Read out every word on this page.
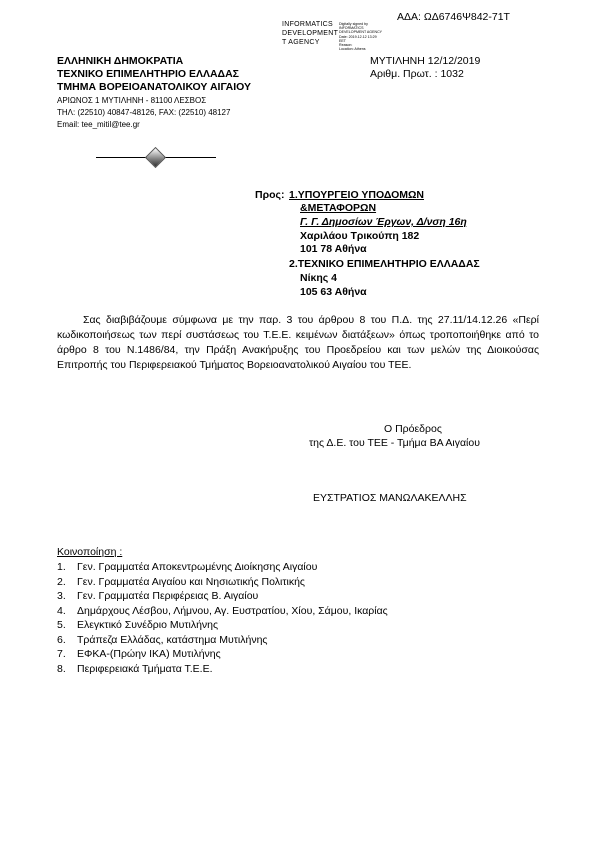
ΑΔΑ: ΩΔ6746Ψ842-71Τ
INFORMATICS
DEVELOPMENT
T AGENCY
Digitally signed by
INFORMATICS
DEVELOPMENT AGENCY
Date: 2019.12.12 13:29
EET
Reason:
Location: Athens
ΕΛΛΗΝΙΚΗ ΔΗΜΟΚΡΑΤΙΑ
ΤΕΧΝΙΚΟ ΕΠΙΜΕΛΗΤΗΡΙΟ ΕΛΛΑΔΑΣ
ΤΜΗΜΑ ΒΟΡΕΙΟΑΝΑΤΟΛΙΚΟΥ ΑΙΓΑΙΟΥ
ΑΡΙΩΝΟΣ 1 ΜΥΤΙΛΗΝΗ - 81100 ΛΕΣΒΟΣ
ΤΗΛ: (22510) 40847-48126, FAX: (22510) 48127
Email: tee_mitil@tee.gr
ΜΥΤΙΛΗΝΗ 12/12/2019
Αριθμ. Πρωτ. : 1032
Προς: 1.ΥΠΟΥΡΓΕΙΟ ΥΠΟΔΟΜΩΝ
&ΜΕΤΑΦΟΡΩΝ
Γ. Γ. Δημοσίων Έργων, Δ/νση 16η
Χαριλάου Τρικούπη 182
101 78 Αθήνα
2.ΤΕΧΝΙΚΟ ΕΠΙΜΕΛΗΤΗΡΙΟ ΕΛΛΑΔΑΣ
Νίκης 4
105 63 Αθήνα
Σας διαβιβάζουμε σύμφωνα με την παρ. 3 του άρθρου 8 του Π.Δ. της 27.11/14.12.26 «Περί κωδικοποιήσεως των περί συστάσεως του Τ.Ε.Ε. κειμένων διατάξεων» όπως τροποποιήθηκε από το άρθρο 8 του Ν.1486/84, την Πράξη Ανακήρυξης του Προεδρείου και των μελών της Διοικούσας Επιτροπής του Περιφερειακού Τμήματος Βορειοανατολικού Αιγαίου του ΤΕΕ.
Ο Πρόεδρος
της Δ.Ε. του ΤΕΕ - Τμήμα ΒΑ Αιγαίου
ΕΥΣΤΡΑΤΙΟΣ ΜΑΝΩΛΑΚΕΛΛΗΣ
Κοινοποίηση :
1. Γεν. Γραμματέα Αποκεντρωμένης Διοίκησης Αιγαίου
2. Γεν. Γραμματέα Αιγαίου και Νησιωτικής Πολιτικής
3. Γεν. Γραμματέα Περιφέρειας Β. Αιγαίου
4. Δημάρχους Λέσβου, Λήμνου, Αγ. Ευστρατίου, Χίου, Σάμου, Ικαρίας
5. Ελεγκτικό Συνέδριο Μυτιλήνης
6. Τράπεζα Ελλάδας, κατάστημα Μυτιλήνης
7. ΕΦΚΑ-(Πρώην ΙΚΑ) Μυτιλήνης
8. Περιφερειακά Τμήματα Τ.Ε.Ε.
